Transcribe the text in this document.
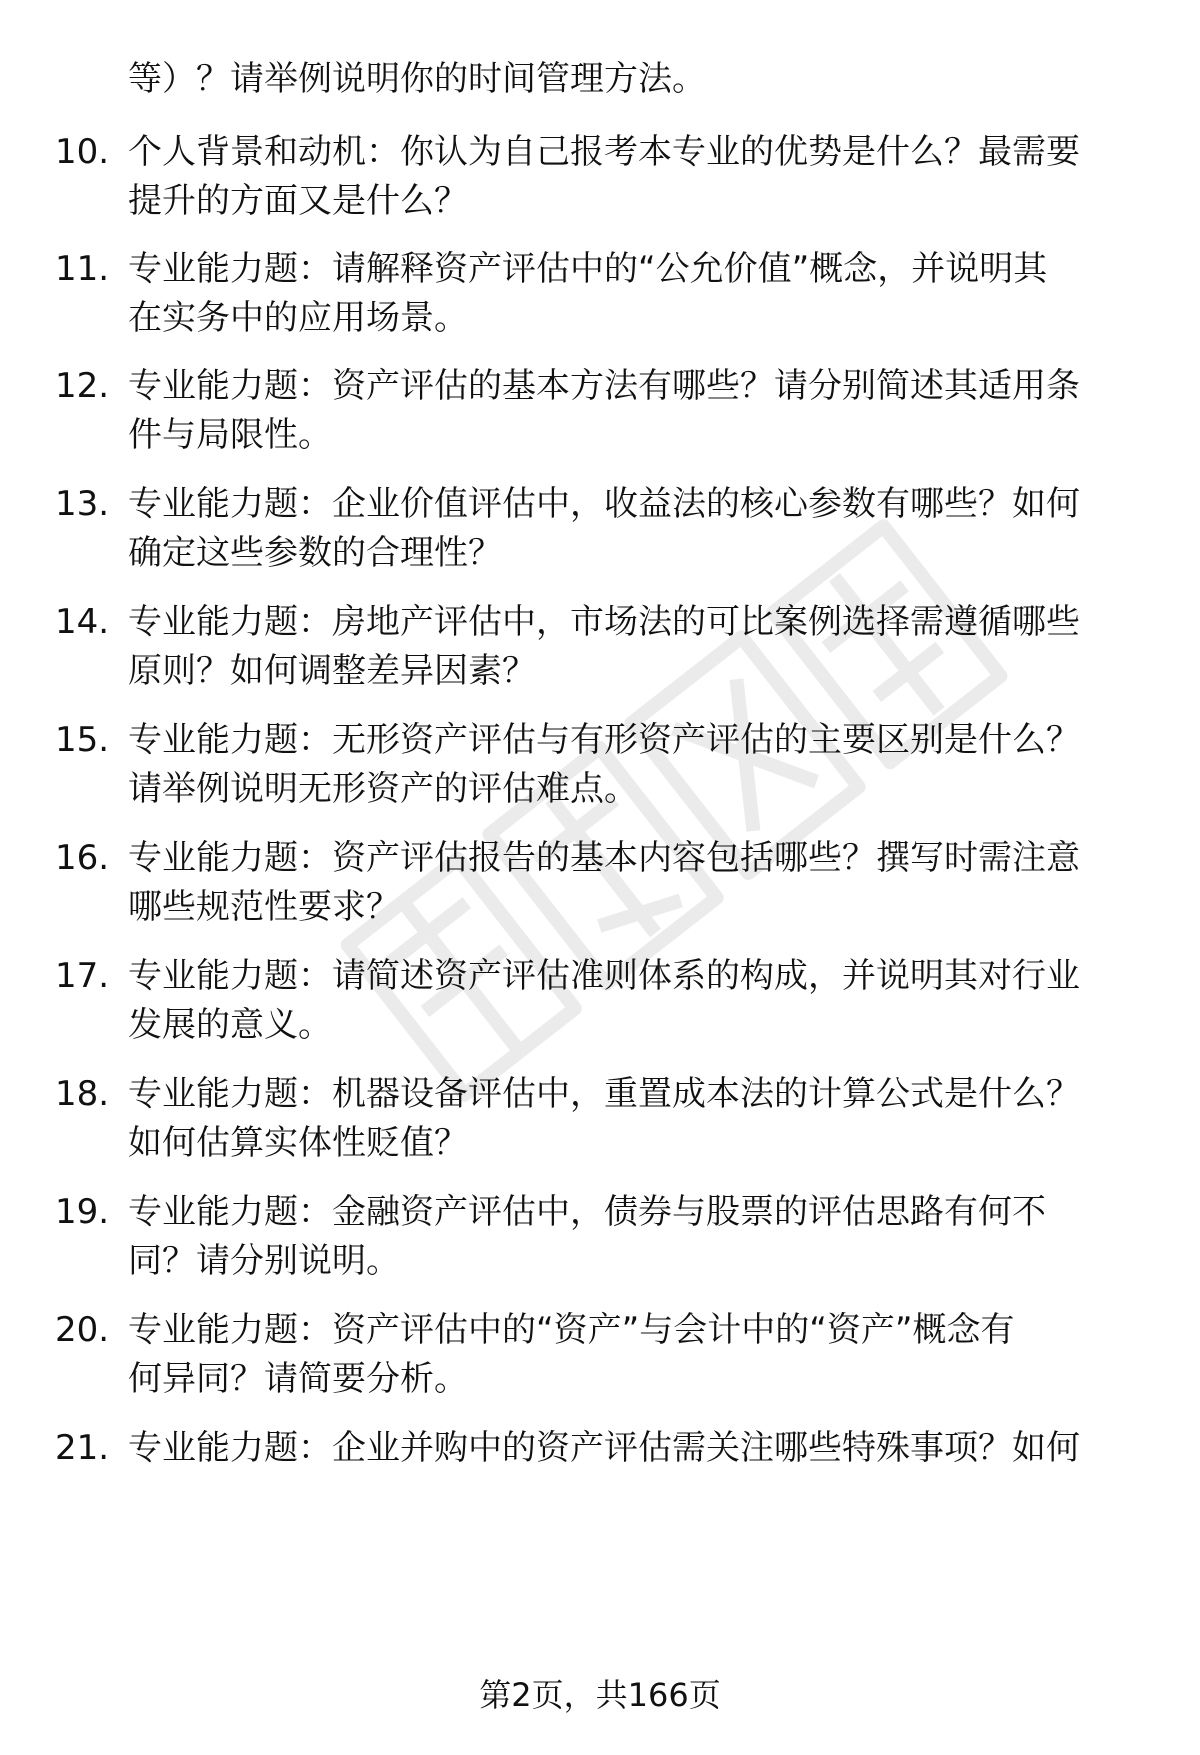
等）？请举例说明你的时间管理方法。
10. 个人背景和动机：你认为自己报考本专业的优势是什么？最需要
提升的方面又是什么？
11. 专业能力题：请解释资产评估中的“公允价值”概念，并说明其
在实务中的应用场景。
12. 专业能力题：资产评估的基本方法有哪些？请分别简述其适用条
件与局限性。
13. 专业能力题：企业价值评估中，收益法的核心参数有哪些？如何
确定这些参数的合理性？
14. 专业能力题：房地产评估中，市场法的可比案例选择需遵循哪些
原则？如何调整差异因素？
15. 专业能力题：无形资产评估与有形资产评估的主要区别是什么？
请举例说明无形资产的评估难点。
16. 专业能力题：资产评估报告的基本内容包括哪些？撰写时需注意
哪些规范性要求？
17. 专业能力题：请简述资产评估准则体系的构成，并说明其对行业
发展的意义。
18. 专业能力题：机器设备评估中，重置成本法的计算公式是什么？
如何估算实体性贬值？
19. 专业能力题：金融资产评估中，债券与股票的评估思路有何不
同？请分别说明。
20. 专业能力题：资产评估中的“资产”与会计中的“资产”概念有
何异同？请简要分析。
21. 专业能力题：企业并购中的资产评估需关注哪些特殊事项？如何
第2页，共166页
